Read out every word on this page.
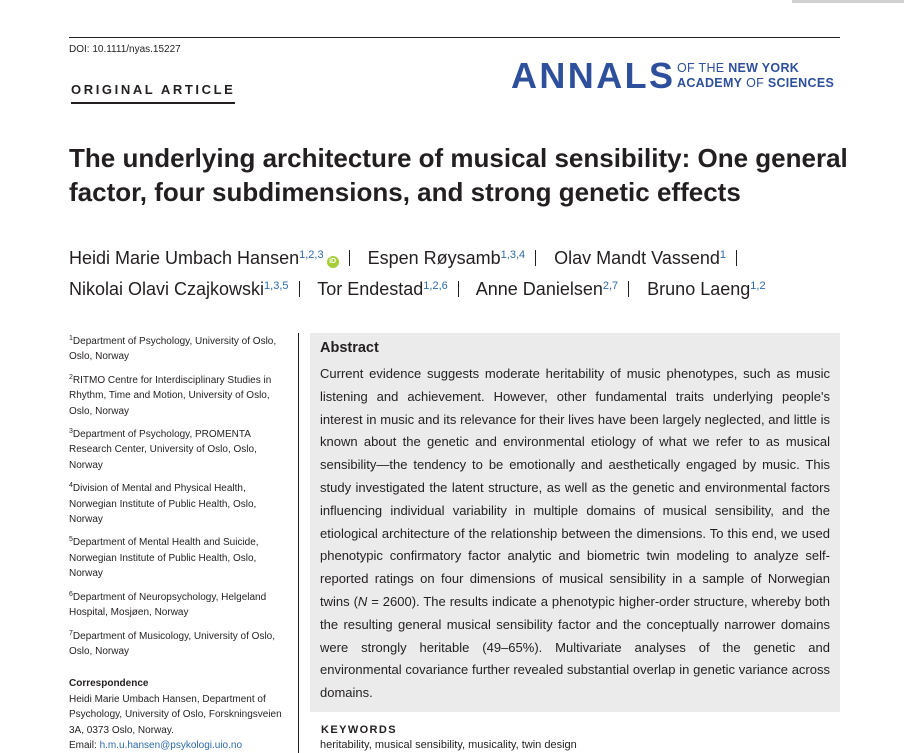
DOI: 10.1111/nyas.15227
ORIGINAL ARTICLE	ANNALS OF THE NEW YORK
ACADEMY OF SCIENCES
The underlying architecture of musical sensibility: One general factor, four subdimensions, and strong genetic effects
Heidi Marie Umbach Hansen$^{1,2,3}$iD Espen Røysamb$^{1,3,4}$ Olav Mandt Vassend$^1$
Nikolai Olavi Czajkowski$^{1,3,5}$ Tor Endestad$^{1,2,6}$ Anne Danielsen$^{2,7}$ Bruno Laeng$^{1,2}$
$^1$Department of Psychology, University of Oslo, Oslo, Norway
$^2$RITMO Centre for Interdisciplinary Studies in Rhythm, Time and Motion, University of Oslo, Oslo, Norway
$^3$Department of Psychology, PROMENTA Research Center, University of Oslo, Oslo, Norway
$^4$Division of Mental and Physical Health, Norwegian Institute of Public Health, Oslo, Norway
$^5$Department of Mental Health and Suicide, Norwegian Institute of Public Health, Oslo, Norway
$^6$Department of Neuropsychology, Helgeland Hospital, Mosjøen, Norway
$^7$Department of Musicology, University of Oslo, Oslo, Norway
Correspondence
Heidi Marie Umbach Hansen, Department of Psychology, University of Oslo, Forskningsveien 3A, 0373 Oslo, Norway.
Email: h.m.u.hansen@psykologi.uio.no
Abstract
Current evidence suggests moderate heritability of music phenotypes, such as music listening and achievement. However, other fundamental traits underlying people's interest in music and its relevance for their lives have been largely neglected, and little is known about the genetic and environmental etiology of what we refer to as musical sensibility—the tendency to be emotionally and aesthetically engaged by music. This study investigated the latent structure, as well as the genetic and environmental factors influencing individual variability in multiple domains of musical sensibility, and the etiological architecture of the relationship between the dimensions. To this end, we used phenotypic confirmatory factor analytic and biometric twin modeling to analyze self-reported ratings on four dimensions of musical sensibility in a sample of Norwegian twins (N = 2600). The results indicate a phenotypic higher-order structure, whereby both the resulting general musical sensibility factor and the conceptually narrower domains were strongly heritable (49–65%). Multivariate analyses of the genetic and environmental covariance further revealed substantial overlap in genetic variance across domains.
KEYWORDS
heritability, musical sensibility, musicality, twin design
